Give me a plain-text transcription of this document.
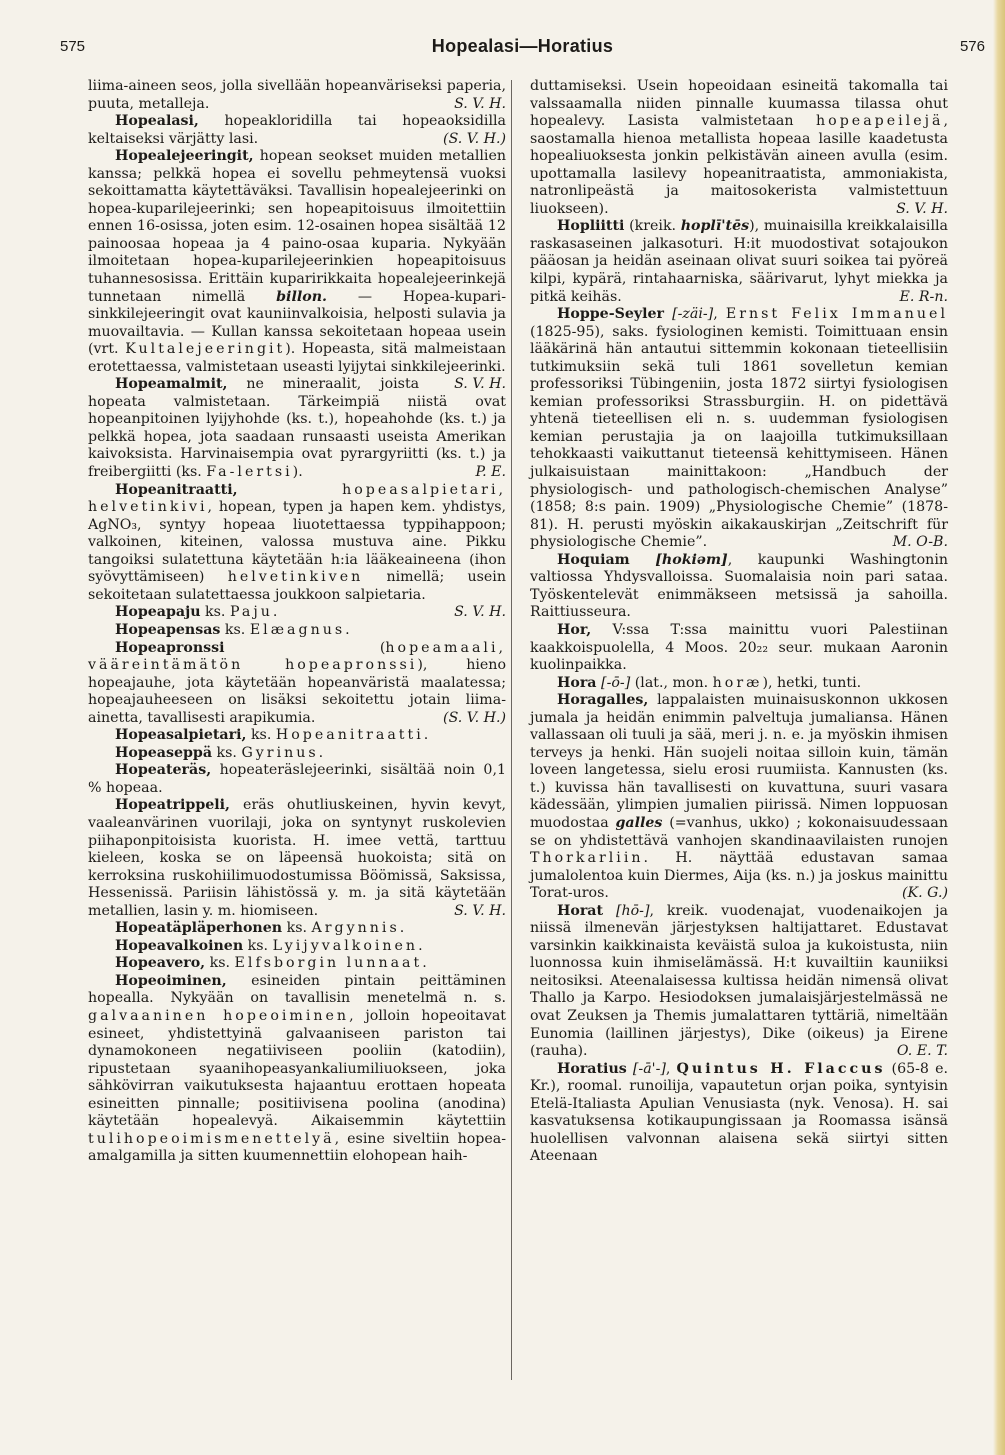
575	Hopealasi—Horatius	576

liima-aineen seos, jolla sivellään hopeanväriseksi paperia, puuta, metalleja.	S. V. H.

Hopealasi, hopeakloridilla tai hopeaoksidilla keltaiseksi värjätty lasi.	(S. V. H.)

Hopealejeeringit, hopean seokset muiden metallien kanssa; pelkkä hopea ei sovellu pehmeytensä vuoksi sekoittamatta käytettäväksi. Tavallisin hopealejeerinki on hopea-kuparilejeerinki; sen hopeapitoisuus ilmoitettiin ennen 16-osissa, joten esim. 12-osainen hopea sisältää 12 painoosaa hopeaa ja 4 paino-osaa kuparia. Nykyään ilmoitetaan hopea-kuparilejeerinkien hopeapitoisuus tuhannesosissa. Erittäin kuparirikkaita hopealejeerinkejä tunnetaan nimellä billon. — Hopea-kupari-sinkkilejeeringit ovat kauniinvalkoisia, helposti sulavia ja muovailtavia. — Kullan kanssa sekoitetaan hopeaa usein (vrt. Kultalejeeringit). Hopeasta, sitä malmeistaan erotettaessa, valmistetaan useasti lyijytai sinkkilejeerinki.
S. V. H.

Hopeamalmit, ne mineraalit, joista hopeata valmistetaan. Tärkeimpiä niistä ovat hopeanpitoinen lyijyhohde (ks. t.), hopeahohde (ks. t.) ja pelkkä hopea, jota saadaan runsaasti useista Amerikan kaivoksista. Harvinaisempia ovat pyrargyriitti (ks. t.) ja freibergiitti (ks. Fa-lertsi).	P. E.

Hopeanitraatti,	hopeasalpietari, helvetinkivi, hopean, typen ja hapen kem. yhdistys, AgNO₃, syntyy hopeaa liuotettaessa typpihappoon; valkoinen, kiteinen, valossa mustuva aine. Pikku tangoiksi sulatettuna käytetään h:ia lääkeaineena (ihon syövyttämiseen) helvetinkiven nimellä; usein sekoitetaan sulatettaessa joukkoon salpietaria.
S. V. H.

Hopeapaju ks. Paju.

Hopeapensas ks. Elæagnus.

Hopeapronssi (hopeamaali, vääreintämätön hopeapronssi), hieno hopeajauhe, jota käytetään hopeanväristä maalatessa; hopeajauheeseen on lisäksi sekoitettu jotain liima-ainetta, tavallisesti arapikumia.	(S. V. H.)

Hopeasalpietari, ks. Hopeanitraatti.

Hopeaseppä ks. Gyrinus.

Hopeateräs, hopeateräslejeerinki, sisältää noin 0,1 % hopeaa.

Hopeatrippeli, eräs ohutliuskeinen, hyvin kevyt, vaaleanvärinen vuorilaji, joka on syntynyt ruskolevien piihaponpitoisista kuorista. H. imee vettä, tarttuu kieleen, koska se on läpeensä huokoista; sitä on kerroksina ruskohiilimuodostumissa Böömissä, Saksissa, Hessenissä. Pariisin lähistössä y. m. ja sitä käytetään metallien, lasin y. m. hiomiseen.	S. V. H.

Hopeatäpläperhonen ks. Argynnis.

Hopeavalkoinen ks. Lyijyvalkoinen.

Hopeavero, ks. Elfsborgin lunnaat.

Hopeoiminen, esineiden pintain peittäminen hopealla. Nykyään on tavallisin menetelmä n. s. galvaaninen hopeoiminen, jolloin hopeoitavat esineet, yhdistettyinä galvaaniseen pariston tai dynamokoneen negatiiviseen pooliin (katodiin), ripustetaan syaanihopeasyankaliumiliuokseen, joka sähkövirran vaikutuksesta hajaantuu erottaen hopeata esineitten pinnalle; positiivisena poolina (anodina) käytetään hopealevyä. Aikaisemmin käytettiin tulihopeoimismenettelyä, esine siveltiin hopea-amalgamilla ja sitten kuumennettiin elohopean haih-

duttamiseksi. Usein hopeoidaan esineitä takomalla tai valssaamalla niiden pinnalle kuumassa tilassa ohut hopealevy. Lasista valmistetaan hopeapeilejä, saostamalla hienoa metallista hopeaa lasille kaadetusta hopealiuoksesta jonkin pelkistävän aineen avulla (esim. upottamalla lasilevy hopeanitraatista, ammoniakista, natronlipeästä ja maitosokerista valmistettuun liuokseen).	S. V. H.

Hopliitti (kreik. hoplī'tēs), muinaisilla kreikkalaisilla raskasaseinen jalkasoturi. H:it muodostivat sotajoukon pääosan ja heidän aseinaan olivat suuri soikea tai pyöreä kilpi, kypärä, rintahaarniska, säärivarut, lyhyt miekka ja pitkä keihäs.	E. R-n.

Hoppe-Seyler [-zäi-], Ernst Felix Immanuel (1825-95), saks. fysiologinen kemisti. Toimittuaan ensin lääkärinä hän antautui sittemmin kokonaan tieteellisiin tutkimuksiin sekä tuli 1861 sovelletun kemian professoriksi Tübingeniin, josta 1872 siirtyi fysiologisen kemian professoriksi Strassburgiin. H. on pidettävä yhtenä tieteellisen eli n. s. uudemman fysiologisen kemian perustajia ja on laajoilla tutkimuksillaan tehokkaasti vaikuttanut tieteensä kehittymiseen. Hänen julkaisuistaan mainittakoon: „Handbuch der physiologisch- und pathologisch-chemischen Analyse” (1858; 8:s pain. 1909) „Physiologische Chemie” (1878-81). H. perusti myöskin aikakauskirjan „Zeitschrift für physiologische Chemie”.	M. O-B.

Hoquiam [hokiəm], kaupunki Washingtonin valtiossa Yhdysvalloissa. Suomalaisia noin pari sataa. Työskentelevät enimmäkseen metsissä ja sahoilla. Raittiusseura.

Hor, V:ssa T:ssa mainittu vuori Palestiinan kaakkoispuolella, 4 Moos. 20₂₂ seur. mukaan Aaronin kuolinpaikka.

Hora [-ō-] (lat., mon. horæ), hetki, tunti.

Horagalles, lappalaisten muinaisuskonnon ukkosen jumala ja heidän enimmin palveltuja jumaliansa. Hänen vallassaan oli tuuli ja sää, meri j. n. e. ja myöskin ihmisen terveys ja henki. Hän suojeli noitaa silloin kuin, tämän loveen langetessa, sielu erosi ruumiista. Kannusten (ks. t.) kuvissa hän tavallisesti on kuvattuna, suuri vasara kädessään, ylimpien jumalien piirissä. Nimen loppuosan muodostaa galles (=vanhus, ukko) ; kokonaisuudessaan se on yhdistettävä vanhojen skandinaavilaisten runojen Thorkarliin. H. näyttää edustavan samaa jumalolentoa kuin Diermes, Aija (ks. n.) ja joskus mainittu Torat-uros.	(K. G.)

Horat [hō-], kreik. vuodenajat, vuodenaikojen ja niissä ilmenevän järjestyksen haltijattaret. Edustavat varsinkin kaikkinaista keväistä suloa ja kukoistusta, niin luonnossa kuin ihmiselämässä. H:t kuvailtiin kauniiksi neitosiksi. Ateenalaisessa kultissa heidän nimensä olivat Thallo ja Karpo. Hesiodoksen jumalaisjärjestelmässä ne ovat Zeuksen ja Themis jumalattaren tyttäriä, nimeltään Eunomia (laillinen järjestys), Dike (oikeus) ja Eirene (rauha).	O. E. T.

Horatius [-ā'-], Quintus H. Flaccus (65-8 e. Kr.), roomal. runoilija, vapautetun orjan poika, syntyisin Etelä-Italiasta Apulian Venusiasta (nyk. Venosa). H. sai kasvatuksensa kotikaupungissaan ja Roomassa isänsä huolellisen valvonnan alaisena sekä siirtyi sitten Ateenaan
